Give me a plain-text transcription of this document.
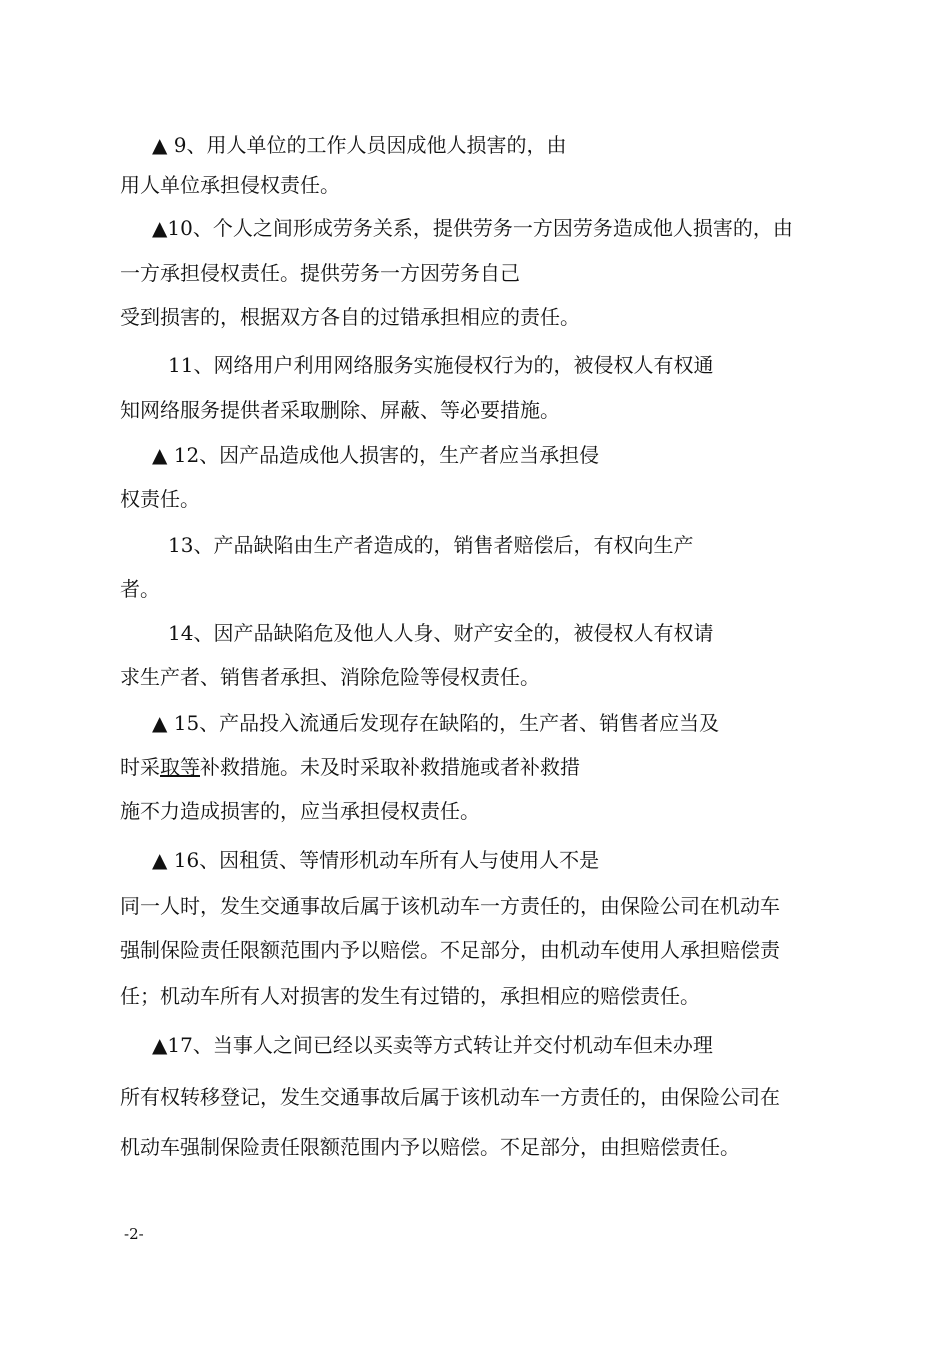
▲ 9、用人单位的工作人员因成他人损害的，由
用人单位承担侵权责任。
▲10、个人之间形成劳务关系，提供劳务一方因劳务造成他人损害的，由
一方承担侵权责任。提供劳务一方因劳务自己
受到损害的，根据双方各自的过错承担相应的责任。
11、网络用户利用网络服务实施侵权行为的，被侵权人有权通
知网络服务提供者采取删除、屏蔽、等必要措施。
▲ 12、因产品造成他人损害的，生产者应当承担侵
权责任。
13、产品缺陷由生产者造成的，销售者赔偿后，有权向生产
者。
14、因产品缺陷危及他人人身、财产安全的，被侵权人有权请
求生产者、销售者承担、消除危险等侵权责任。
▲ 15、产品投入流通后发现存在缺陷的，生产者、销售者应当及
时采取等补救措施。未及时采取补救措施或者补救措
施不力造成损害的，应当承担侵权责任。
▲ 16、因租赁、等情形机动车所有人与使用人不是
同一人时，发生交通事故后属于该机动车一方责任的，由保险公司在机动车
强制保险责任限额范围内予以赔偿。不足部分，由机动车使用人承担赔偿责
任；机动车所有人对损害的发生有过错的，承担相应的赔偿责任。
▲17、当事人之间已经以买卖等方式转让并交付机动车但未办理
所有权转移登记，发生交通事故后属于该机动车一方责任的，由保险公司在
机动车强制保险责任限额范围内予以赔偿。不足部分，由担赔偿责任。
-2-
